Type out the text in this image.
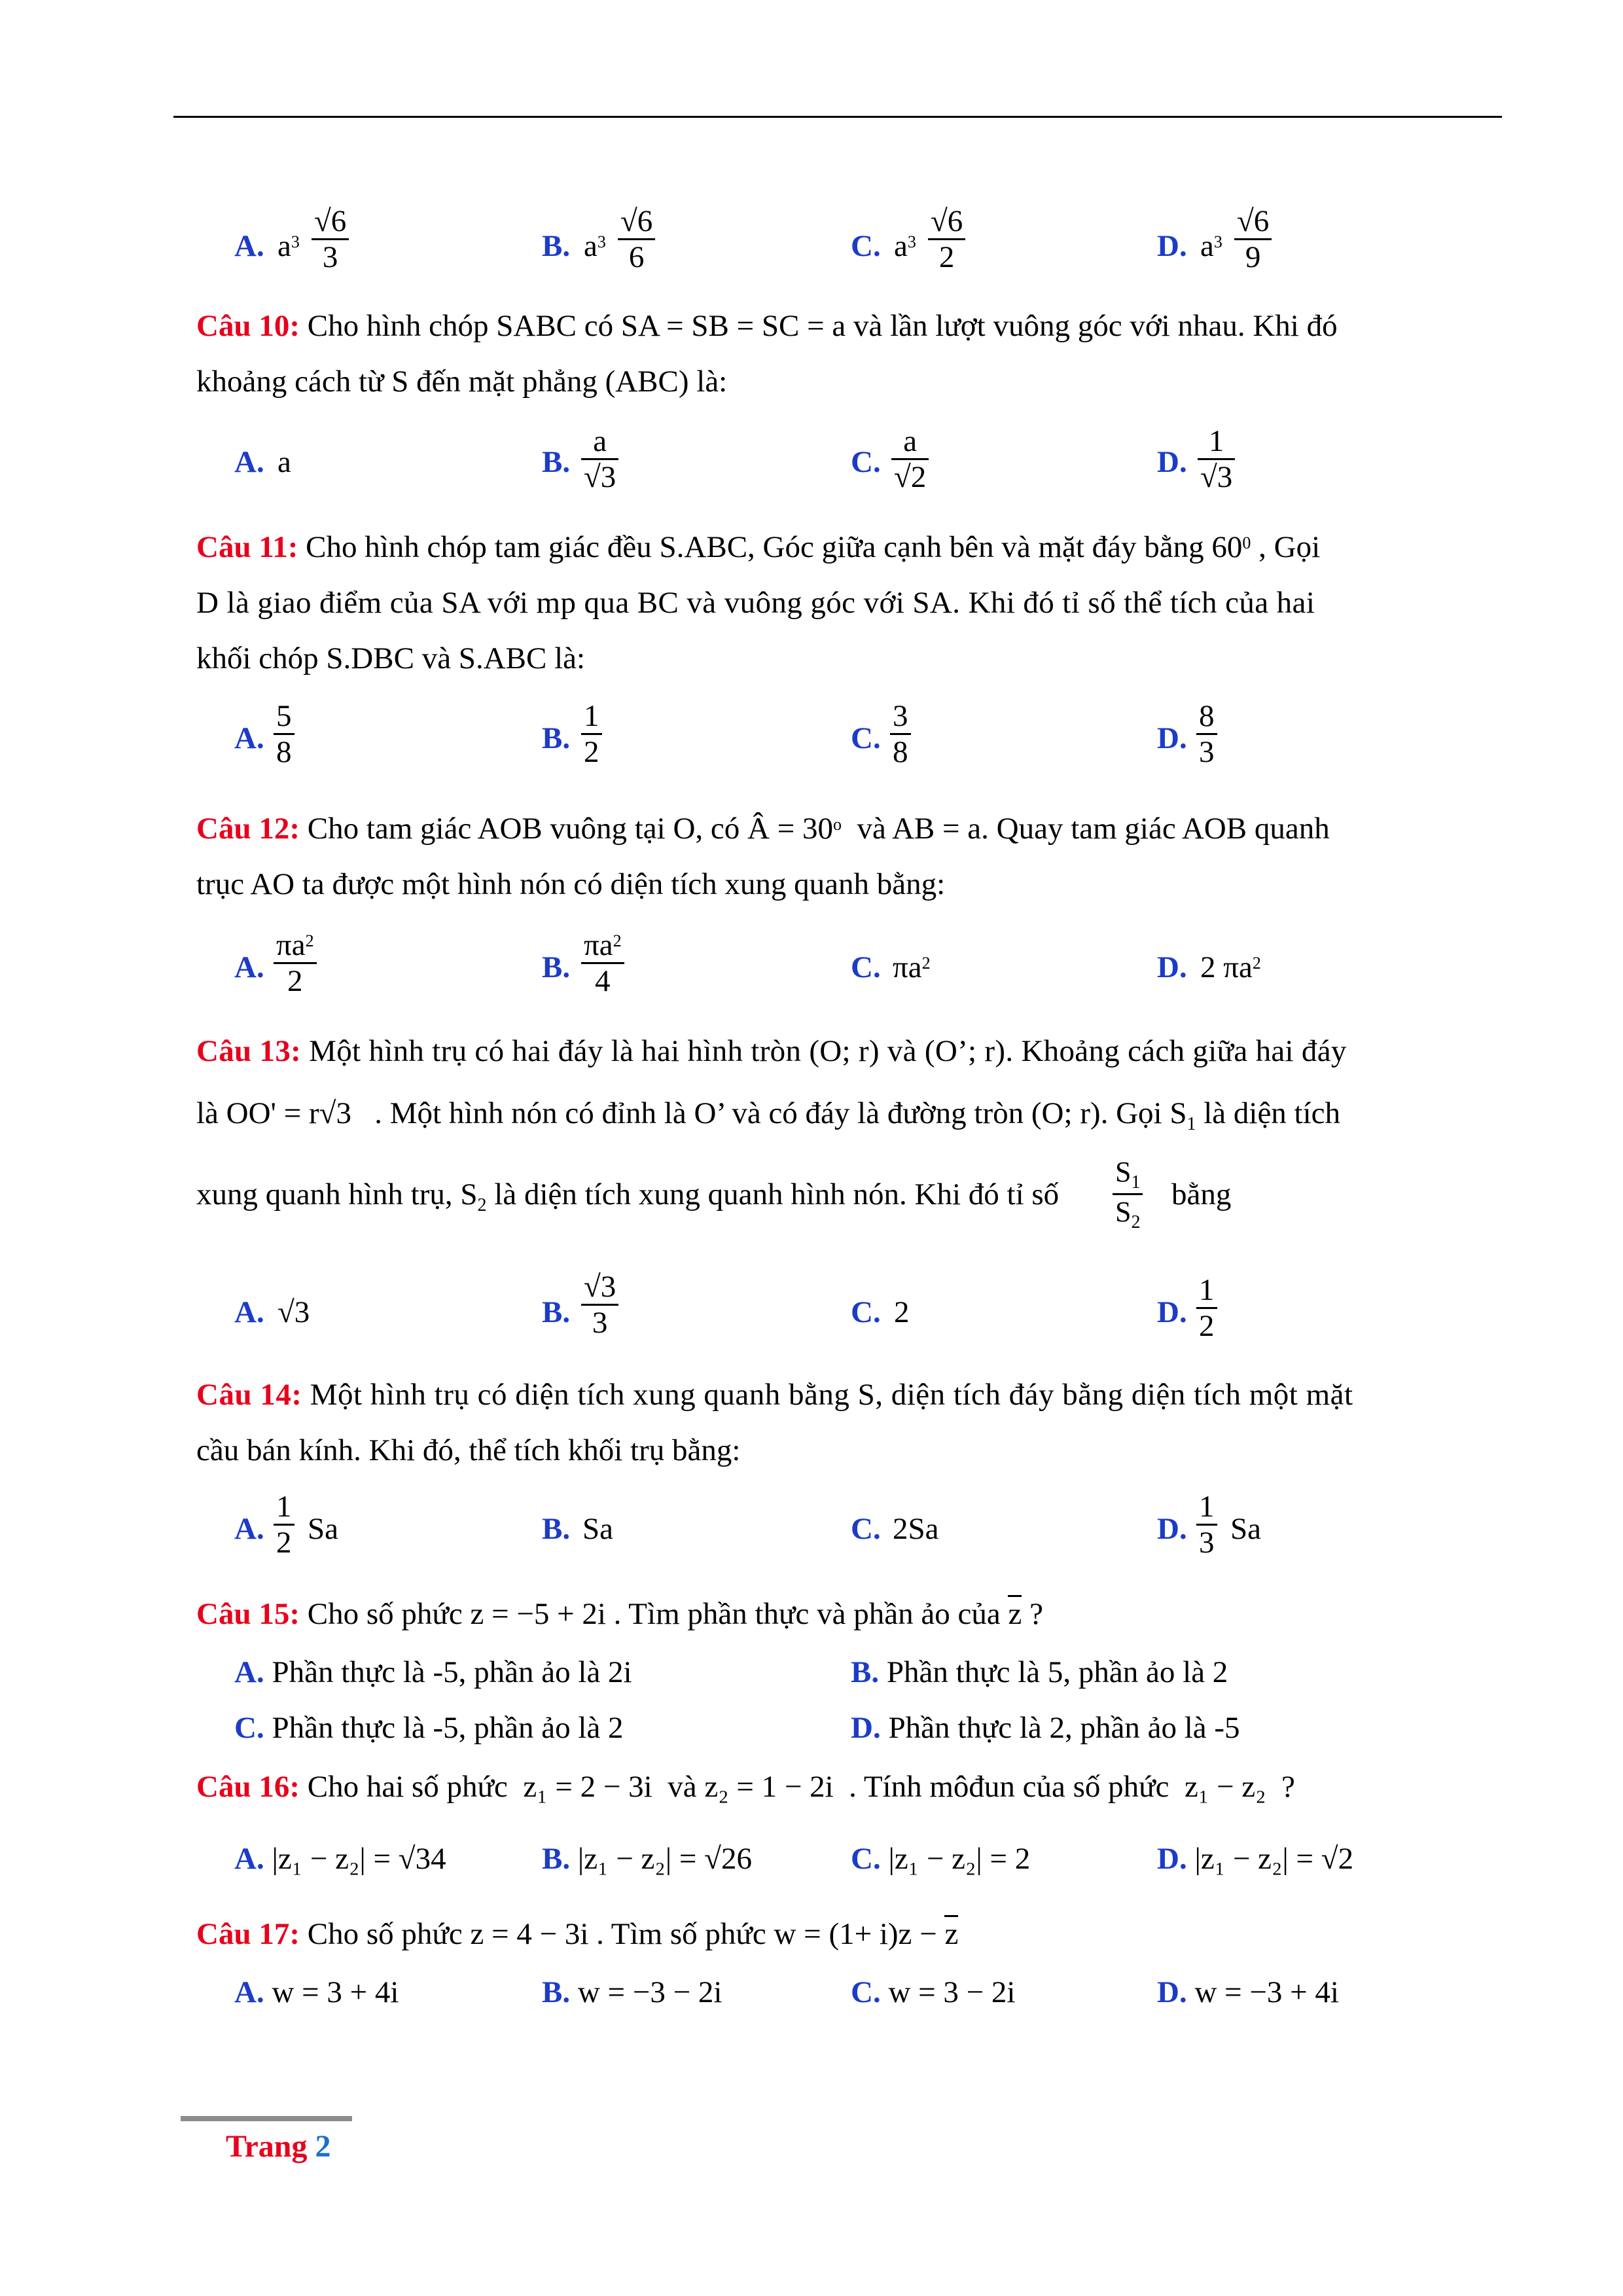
A. $a^3 \frac{√6}{3}$	B. $a^3 \frac{√6}{6}$	C. $a^3 \frac{√6}{2}$	D. $a^3 \frac{√6}{9}$
Câu 10: Cho hình chóp SABC có SA = SB = SC = a và lần lượt vuông góc với nhau. Khi đó
khoảng cách từ S đến mặt phẳng (ABC) là:
A. a	B. $\frac{a}{√3}$	C. $\frac{a}{√2}$	D. $\frac{1}{√3}$
Câu 11: Cho hình chóp tam giác đều S.ABC, Góc giữa cạnh bên và mặt đáy bằng $60^0$ , Gọi
D là giao điểm của SA với mp qua BC và vuông góc với SA. Khi đó tỉ số thể tích của hai
khối chóp S.DBC và S.ABC là:
A. $\frac{5}{8}$	B. $\frac{1}{2}$	C. $\frac{3}{8}$	D. $\frac{8}{3}$
Câu 12: Cho tam giác AOB vuông tại O, có Â = $30^o$ và AB = a. Quay tam giác AOB quanh
trục AO ta được một hình nón có diện tích xung quanh bằng:
A. $\frac{\pi a^2}{2}$	B. $\frac{\pi a^2}{4}$	C. $\pi a^2$	D. 2 $\pi a^2$
Câu 13: Một hình trụ có hai đáy là hai hình tròn (O; r) và (O’; r). Khoảng cách giữa hai đáy
là OO' = r√3 . Một hình nón có đỉnh là O’ và có đáy là đường tròn (O; r). Gọi $S_1$ là diện tích
xung quanh hình trụ, $S_2$ là diện tích xung quanh hình nón. Khi đó tỉ số $\frac{S_1}{S_2}$ bằng
A. √3	B. $\frac{√3}{3}$	C. 2	D. $\frac{1}{2}$
Câu 14: Một hình trụ có diện tích xung quanh bằng S, diện tích đáy bằng diện tích một mặt
cầu bán kính. Khi đó, thể tích khối trụ bằng:
A. $\frac{1}{2}$ Sa	B. Sa	C. 2Sa	D. $\frac{1}{3}$ Sa
Câu 15: Cho số phức z = −5 + 2i . Tìm phần thực và phần ảo của z ?
A. Phần thực là -5, phần ảo là 2i	B. Phần thực là 5, phần ảo là 2
C. Phần thực là -5, phần ảo là 2	D. Phần thực là 2, phần ảo là -5
Câu 16: Cho hai số phức z₁ = 2 − 3i và z₂ = 1 − 2i . Tính môđun của số phức z₁ − z₂ ?
A. |z₁ − z₂| = √34	B. |z₁ − z₂| = √26	C. |z₁ − z₂| = 2	D. |z₁ − z₂| = √2
Câu 17: Cho số phức z = 4 − 3i . Tìm số phức w = (1+ i)z − z
A. w = 3 + 4i	B. w = −3 − 2i	C. w = 3 − 2i	D. w = −3 + 4i
Trang 2
